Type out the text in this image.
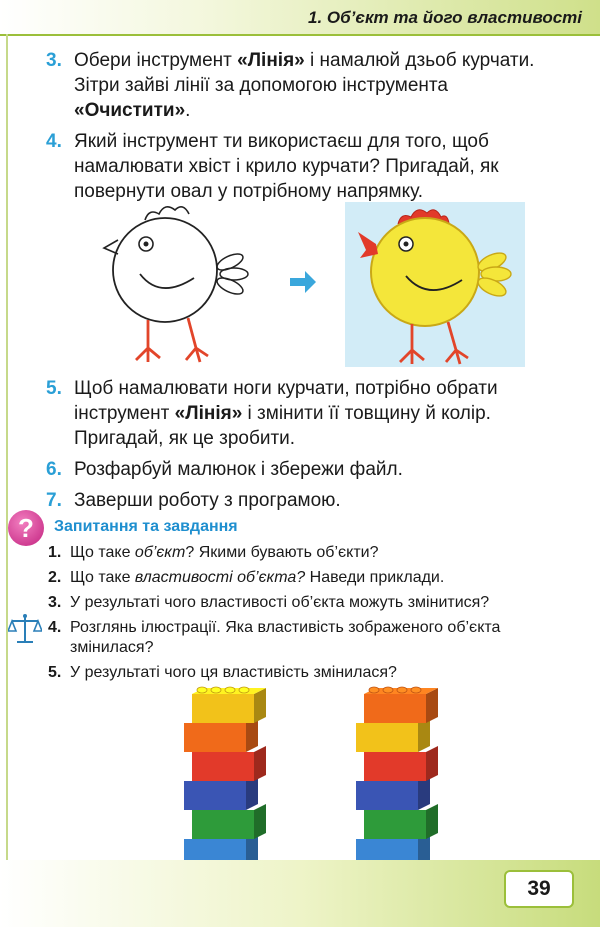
1. Об’єкт та його властивості

3. Обери інструмент «Лінія» і намалюй дзьоб курчати. Зітри зайві лінії за допомогою інструмента «Очистити».

4. Який інструмент ти використаєш для того, щоб намалювати хвіст і крило курчати? Пригадай, як повернути овал у потрібному напрямку.

5. Щоб намалювати ноги курчати, потрібно обрати інструмент «Лінія» і змінити її товщину й колір. Пригадай, як це зробити.

6. Розфарбуй малюнок і збережи файл.

7. Заверши роботу з програмою.

?	Запитання та завдання

1. Що таке об’єкт? Якими бувають об’єкти?

2. Що таке властивості об’єкта? Наведи приклади.

3. У результаті чого властивості об’єкта можуть змінитися?

4. Розглянь ілюстрації. Яка властивість зображеного об’єкта змінилася?

5. У результаті чого ця властивість змінилася?

39
